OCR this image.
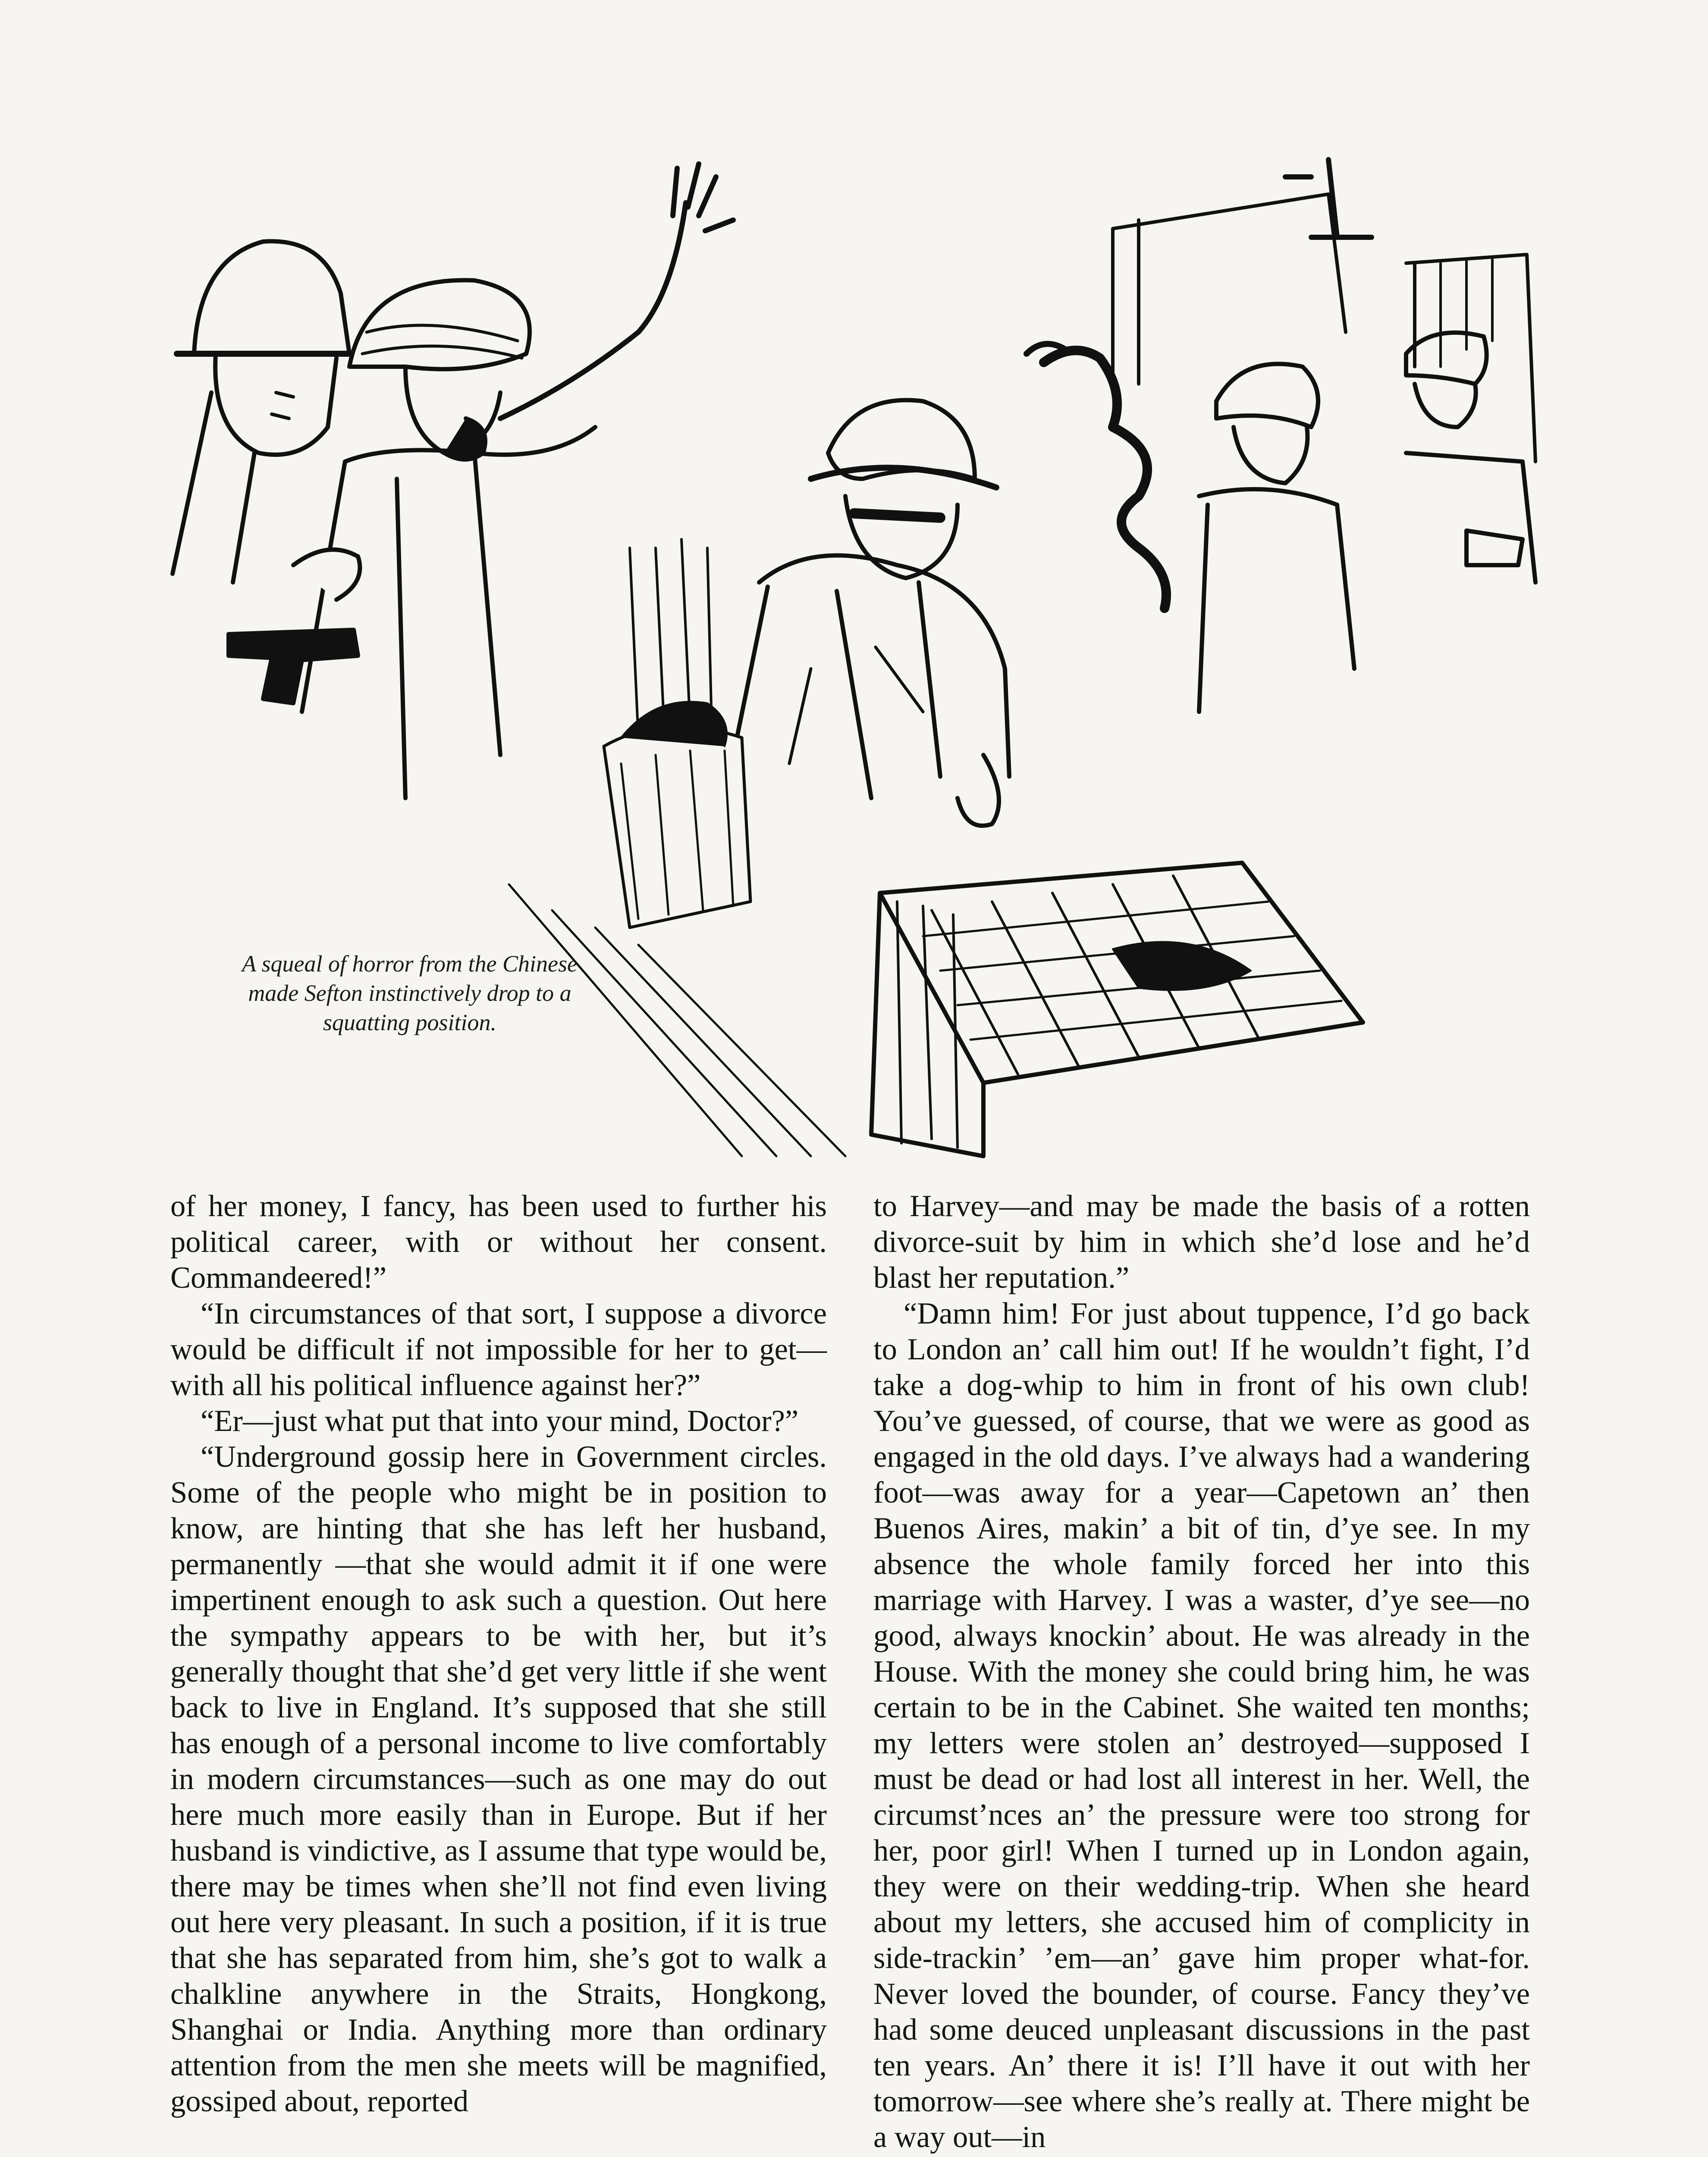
A squeal of horror from the Chinese made Sefton instinctively drop to a squatting position.

of her money, I fancy, has been used to further his political career, with or without her consent. Commandeered!”

“In circumstances of that sort, I suppose a divorce would be difficult if not impossible for her to get—with all his political influence against her?”

“Er—just what put that into your mind, Doctor?”

“Underground gossip here in Government circles. Some of the people who might be in position to know, are hinting that she has left her husband, permanently —that she would admit it if one were impertinent enough to ask such a question. Out here the sympathy appears to be with her, but it’s generally thought that she’d get very little if she went back to live in England. It’s supposed that she still has enough of a personal income to live comfortably in modern circumstances—such as one may do out here much more easily than in Europe. But if her husband is vindictive, as I assume that type would be, there may be times when she’ll not find even living out here very pleasant. In such a position, if it is true that she has separated from him, she’s got to walk a chalkline anywhere in the Straits, Hongkong, Shanghai or India. Anything more than ordinary attention from the men she meets will be magnified, gossiped about, reported

to Harvey—and may be made the basis of a rotten divorce-suit by him in which she’d lose and he’d blast her reputation.”

“Damn him! For just about tuppence, I’d go back to London an’ call him out! If he wouldn’t fight, I’d take a dog-whip to him in front of his own club! You’ve guessed, of course, that we were as good as engaged in the old days. I’ve always had a wandering foot—was away for a year—Capetown an’ then Buenos Aires, makin’ a bit of tin, d’ye see. In my absence the whole family forced her into this marriage with Harvey. I was a waster, d’ye see—no good, always knockin’ about. He was already in the House. With the money she could bring him, he was certain to be in the Cabinet. She waited ten months; my letters were stolen an’ destroyed—supposed I must be dead or had lost all interest in her. Well, the circumst’nces an’ the pressure were too strong for her, poor girl! When I turned up in London again, they were on their wedding-trip. When she heard about my letters, she accused him of complicity in side-trackin’ ’em—an’ gave him proper what-for. Never loved the bounder, of course. Fancy they’ve had some deuced unpleasant discussions in the past ten years. An’ there it is! I’ll have it out with her tomorrow—see where she’s really at. There might be a way out—in
